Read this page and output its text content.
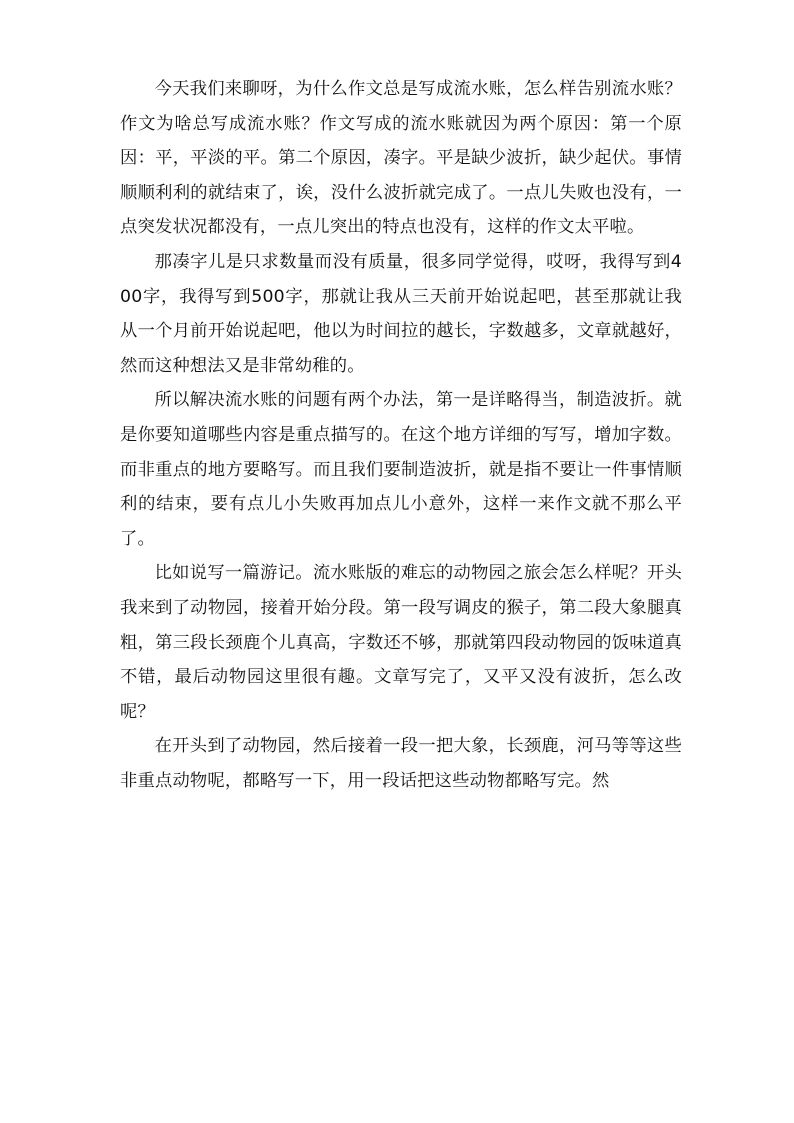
今天我们来聊呀，为什么作文总是写成流水账，怎么样告别流水账？作文为啥总写成流水账？作文写成的流水账就因为两个原因：第一个原因：平，平淡的平。第二个原因，凑字。平是缺少波折，缺少起伏。事情顺顺利利的就结束了，诶，没什么波折就完成了。一点儿失败也没有，一点突发状况都没有，一点儿突出的特点也没有，这样的作文太平啦。

那凑字儿是只求数量而没有质量，很多同学觉得，哎呀，我得写到400字，我得写到500字，那就让我从三天前开始说起吧，甚至那就让我从一个月前开始说起吧，他以为时间拉的越长，字数越多，文章就越好，然而这种想法又是非常幼稚的。

所以解决流水账的问题有两个办法，第一是详略得当，制造波折。就是你要知道哪些内容是重点描写的。在这个地方详细的写写，增加字数。而非重点的地方要略写。而且我们要制造波折，就是指不要让一件事情顺利的结束，要有点儿小失败再加点儿小意外，这样一来作文就不那么平了。

比如说写一篇游记。流水账版的难忘的动物园之旅会怎么样呢？开头我来到了动物园，接着开始分段。第一段写调皮的猴子，第二段大象腿真粗，第三段长颈鹿个儿真高，字数还不够，那就第四段动物园的饭味道真不错，最后动物园这里很有趣。文章写完了，又平又没有波折，怎么改呢？

在开头到了动物园，然后接着一段一把大象，长颈鹿，河马等等这些非重点动物呢，都略写一下，用一段话把这些动物都略写完。然
